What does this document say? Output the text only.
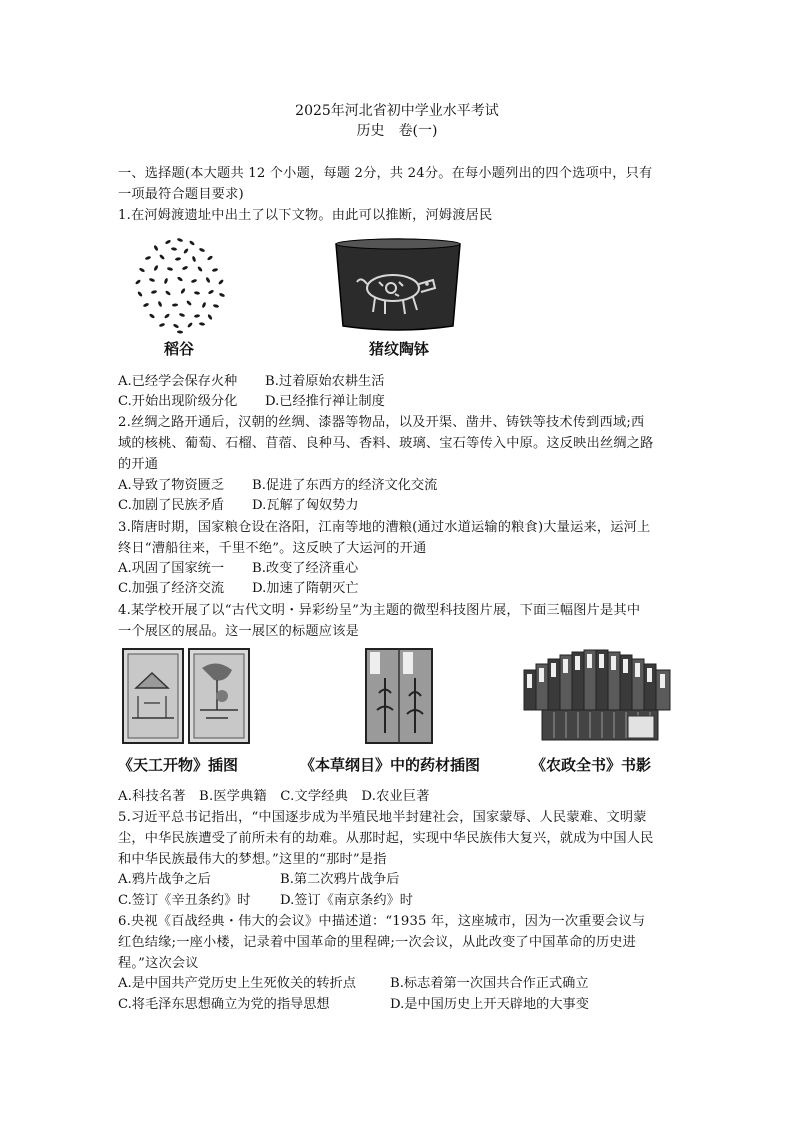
2025年河北省初中学业水平考试
历史　卷(一)
一、选择题(本大题共 12 个小题，每题 2分，共 24分。在每小题列出的四个选项中，只有
一项最符合题目要求)
1.在河姆渡遗址中出土了以下文物。由此可以推断，河姆渡居民
稻谷	猪纹陶钵
A.已经学会保存火种 B.过着原始农耕生活
C.开始出现阶级分化 D.已经推行禅让制度
2.丝绸之路开通后，汉朝的丝绸、漆器等物品，以及开渠、凿井、铸铁等技术传到西域;西
域的核桃、葡萄、石榴、苜蓿、良种马、香料、玻璃、宝石等传入中原。这反映出丝绸之路
的开通
A.导致了物资匮乏 B.促进了东西方的经济文化交流
C.加剧了民族矛盾 D.瓦解了匈奴势力
3.隋唐时期，国家粮仓设在洛阳，江南等地的漕粮(通过水道运输的粮食)大量运来，运河上
终日“漕船往来，千里不绝”。这反映了大运河的开通
A.巩固了国家统一 B.改变了经济重心
C.加强了经济交流 D.加速了隋朝灭亡
4.某学校开展了以“古代文明・异彩纷呈”为主题的微型科技图片展，下面三幅图片是其中
一个展区的展品。这一展区的标题应该是
《天工开物》插图	《本草纲目》中的药材插图	《农政全书》书影
A.科技名著　B.医学典籍　C.文学经典　D.农业巨著
5.习近平总书记指出，“中国逐步成为半殖民地半封建社会，国家蒙辱、人民蒙难、文明蒙
尘，中华民族遭受了前所未有的劫难。从那时起，实现中华民族伟大复兴，就成为中国人民
和中华民族最伟大的梦想。”这里的“那时”是指
A.鸦片战争之后	B.第二次鸦片战争后
C.签订《辛丑条约》时 D.签订《南京条约》时
6.央视《百战经典・伟大的会议》中描述道：“1935 年，这座城市，因为一次重要会议与
红色结缘;一座小楼，记录着中国革命的里程碑;一次会议，从此改变了中国革命的历史进
程。”这次会议
A.是中国共产党历史上生死攸关的转折点	B.标志着第一次国共合作正式确立
C.将毛泽东思想确立为党的指导思想	D.是中国历史上开天辟地的大事变
